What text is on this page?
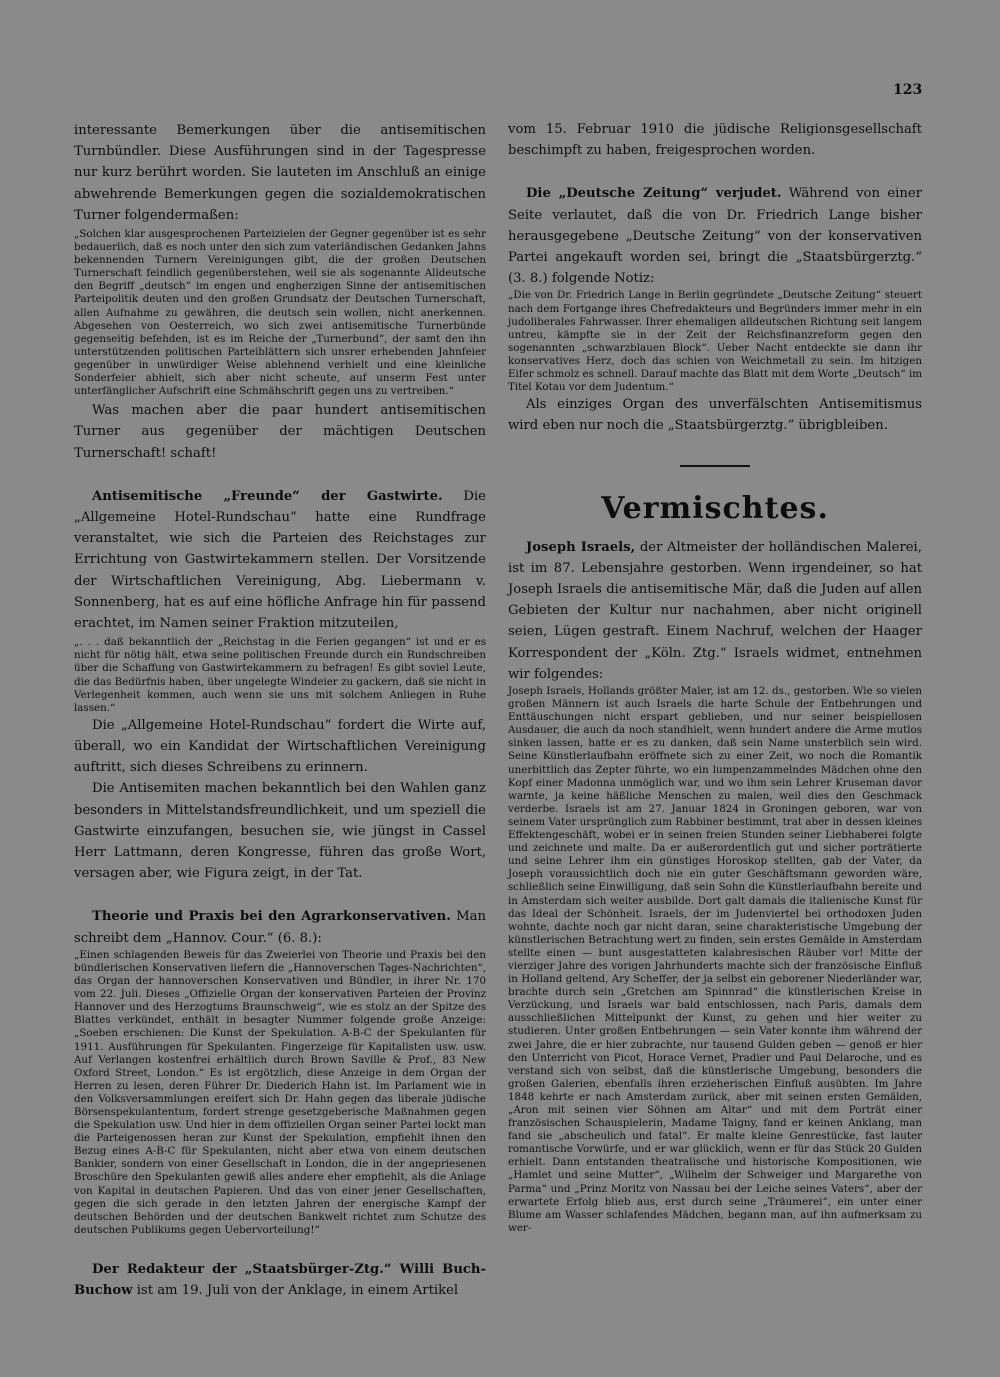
123

interessante Bemerkungen über die antisemitischen Turnbündler. Diese Ausführungen sind in der Tagespresse nur kurz berührt worden. Sie lauteten im Anschluß an einige abwehrende Bemerkungen gegen die sozialdemokratischen Turner folgendermaßen:

„Solchen klar ausgesprochenen Parteizielen der Gegner gegenüber ist es sehr bedauerlich, daß es noch unter den sich zum vaterländischen Gedanken Jahns bekennenden Turnern Vereinigungen gibt, die der großen Deutschen Turnerschaft feindlich gegenüberstehen, weil sie als sogenannte Alldeutsche den Begriff „deutsch“ im engen und engherzigen Sinne der antisemitischen Parteipolitik deuten und den großen Grundsatz der Deutschen Turnerschaft, allen Aufnahme zu gewähren, die deutsch sein wollen, nicht anerkennen. Abgesehen von Oesterreich, wo sich zwei antisemitische Turnerbünde gegenseitig befehden, ist es im Reiche der „Turnerbund“, der samt den ihn unterstützenden politischen Parteiblättern sich unsrer erhebenden Jahnfeier gegenüber in unwürdiger Weise ablehnend verhielt und eine kleinliche Sonderfeier abhielt, sich aber nicht scheute, auf unserm Fest unter unterfänglicher Aufschrift eine Schmähschrift gegen uns zu vertreiben.“

Was machen aber die paar hundert antisemitischen Turner aus gegenüber der mächtigen Deutschen Turnerschaft! schaft!

Antisemitische „Freunde“ der Gastwirte. Die „Allgemeine Hotel-Rundschau“ hatte eine Rundfrage veranstaltet, wie sich die Parteien des Reichstages zur Errichtung von Gastwirtekammern stellen. Der Vorsitzende der Wirtschaftlichen Vereinigung, Abg. Liebermann v. Sonnenberg, hat es auf eine höfliche Anfrage hin für passend erachtet, im Namen seiner Fraktion mitzuteilen,

„. . . daß bekanntlich der „Reichstag in die Ferien gegangen“ ist und er es nicht für nötig hält, etwa seine politischen Freunde durch ein Rundschreiben über die Schaffung von Gastwirtekammern zu befragen! Es gibt soviel Leute, die das Bedürfnis haben, über ungelegte Windeier zu gackern, daß sie nicht in Verlegenheit kommen, auch wenn sie uns mit solchem Anliegen in Ruhe lassen.“

Die „Allgemeine Hotel-Rundschau“ fordert die Wirte auf, überall, wo ein Kandidat der Wirtschaftlichen Vereinigung auftritt, sich dieses Schreibens zu erinnern.

Die Antisemiten machen bekanntlich bei den Wahlen ganz besonders in Mittelstandsfreundlichkeit, und um speziell die Gastwirte einzufangen, besuchen sie, wie jüngst in Cassel Herr Lattmann, deren Kongresse, führen das große Wort, versagen aber, wie Figura zeigt, in der Tat.

Theorie und Praxis bei den Agrarkonservativen. Man schreibt dem „Hannov. Cour.“ (6. 8.):

„Einen schlagenden Beweis für das Zweierlei von Theorie und Praxis bei den bündlerischen Konservativen liefern die „Hannoverschen Tages-Nachrichten“, das Organ der hannoverschen Konservativen und Bündler, in ihrer Nr. 170 vom 22. Juli. Dieses „Offizielle Organ der konservativen Parteien der Provinz Hannover und des Herzogtums Braunschweig“, wie es stolz an der Spitze des Blattes verkündet, enthält in besagter Nummer folgende große Anzeige: „Soeben erschienen: Die Kunst der Spekulation. A-B-C der Spekulanten für 1911. Ausführungen für Spekulanten. Fingerzeige für Kapitalisten usw. usw. Auf Verlangen kostenfrei erhältlich durch Brown Saville & Prof., 83 New Oxford Street, London.“ Es ist ergötzlich, diese Anzeige in dem Organ der Herren zu lesen, deren Führer Dr. Diederich Hahn ist. Im Parlament wie in den Volksversammlungen ereifert sich Dr. Hahn gegen das liberale jüdische Börsenspekulantentum, fordert strenge gesetzgeberische Maßnahmen gegen die Spekulation usw. Und hier in dem offiziellen Organ seiner Partei lockt man die Parteigenossen heran zur Kunst der Spekulation, empfiehlt ihnen den Bezug eines A-B-C für Spekulanten, nicht aber etwa von einem deutschen Bankier, sondern von einer Gesellschaft in London, die in der angepriesenen Broschüre den Spekulanten gewiß alles andere eher empfiehlt, als die Anlage von Kapital in deutschen Papieren. Und das von einer jener Gesellschaften, gegen die sich gerade in den letzten Jahren der energische Kampf der deutschen Behörden und der deutschen Bankwelt richtet zum Schutze des deutschen Publikums gegen Uebervorteilung!“

Der Redakteur der „Staatsbürger-Ztg.“ Willi Buch-Buchow ist am 19. Juli von der Anklage, in einem Artikel

vom 15. Februar 1910 die jüdische Religionsgesellschaft beschimpft zu haben, freigesprochen worden.

Die „Deutsche Zeitung“ verjudet. Während von einer Seite verlautet, daß die von Dr. Friedrich Lange bisher herausgegebene „Deutsche Zeitung“ von der konservativen Partei angekauft worden sei, bringt die „Staatsbürgerztg.“ (3. 8.) folgende Notiz:

„Die von Dr. Friedrich Lange in Berlin gegründete „Deutsche Zeitung“ steuert nach dem Fortgange ihres Chefredakteurs und Begründers immer mehr in ein judoliberales Fahrwasser. Ihrer ehemaligen alldeutschen Richtung seit langem untreu, kämpfte sie in der Zeit der Reichsfinanzreform gegen den sogenannten „schwarzblauen Block“. Ueber Nacht entdeckte sie dann ihr konservatives Herz, doch das schien von Weichmetall zu sein. Im hitzigen Eifer schmolz es schnell. Darauf machte das Blatt mit dem Worte „Deutsch“ im Titel Kotau vor dem Judentum.“

Als einziges Organ des unverfälschten Antisemitismus wird eben nur noch die „Staatsbürgerztg.“ übrigbleiben.

Vermischtes.

Joseph Israels, der Altmeister der holländischen Malerei, ist im 87. Lebensjahre gestorben. Wenn irgendeiner, so hat Joseph Israels die antisemitische Mär, daß die Juden auf allen Gebieten der Kultur nur nachahmen, aber nicht originell seien, Lügen gestraft. Einem Nachruf, welchen der Haager Korrespondent der „Köln. Ztg.“ Israels widmet, entnehmen wir folgendes:

Joseph Israels, Hollands größter Maler, ist am 12. ds., gestorben. Wie so vielen großen Männern ist auch Israels die harte Schule der Entbehrungen und Enttäuschungen nicht erspart geblieben, und nur seiner beispiellosen Ausdauer, die auch da noch standhielt, wenn hundert andere die Arme mutlos sinken lassen, hatte er es zu danken, daß sein Name unsterblich sein wird. Seine Künstlerlaufbahn eröffnete sich zu einer Zeit, wo noch die Romantik unerbittlich das Zepter führte, wo ein lumpenzammelndes Mädchen ohne den Kopf einer Madonna unmöglich war, und wo ihm sein Lehrer Kruseman davor warnte, ja keine häßliche Menschen zu malen, weil dies den Geschmack verderbe. Israels ist am 27. Januar 1824 in Groningen geboren, war von seinem Vater ursprünglich zum Rabbiner bestimmt, trat aber in dessen kleines Effektengeschäft, wobei er in seinen freien Stunden seiner Liebhaberei folgte und zeichnete und malte. Da er außerordentlich gut und sicher porträtierte und seine Lehrer ihm ein günstiges Horoskop stellten, gab der Vater, da Joseph voraussichtlich doch nie ein guter Geschäftsmann geworden wäre, schließlich seine Einwilligung, daß sein Sohn die Künstlerlaufbahn bereite und in Amsterdam sich weiter ausbilde. Dort galt damals die italienische Kunst für das Ideal der Schönheit. Israels, der im Judenviertel bei orthodoxen Juden wohnte, dachte noch gar nicht daran, seine charakteristische Umgebung der künstlerischen Betrachtung wert zu finden, sein erstes Gemälde in Amsterdam stellte einen — bunt ausgestatteten kalabresischen Räuber vor! Mitte der vierziger Jahre des vorigen Jahrhunderts machte sich der französische Einfluß in Holland geltend, Ary Scheffer, der ja selbst ein geborener Niederländer war, brachte durch sein „Gretchen am Spinnrad“ die künstlerischen Kreise in Verzückung, und Israels war bald entschlossen, nach Paris, damals dem ausschließlichen Mittelpunkt der Kunst, zu gehen und hier weiter zu studieren. Unter großen Entbehrungen — sein Vater konnte ihm während der zwei Jahre, die er hier zubrachte, nur tausend Gulden geben — genoß er hier den Unterricht von Picot, Horace Vernet, Pradier und Paul Delaroche, und es verstand sich von selbst, daß die künstlerische Umgebung, besonders die großen Galerien, ebenfalls ihren erzieherischen Einfluß ausübten. Im Jahre 1848 kehrte er nach Amsterdam zurück, aber mit seinen ersten Gemälden, „Aron mit seinen vier Söhnen am Altar“ und mit dem Porträt einer französischen Schauspielerin, Madame Taigny, fand er keinen Anklang, man fand sie „abscheulich und fatal“. Er malte kleine Genrestücke, fast lauter romantische Vorwürfe, und er war glücklich, wenn er für das Stück 20 Gulden erhielt. Dann entstanden theatralische und historische Kompositionen, wie „Hamlet und seine Mutter“, „Wilhelm der Schweiger und Margarethe von Parma“ und „Prinz Moritz von Nassau bei der Leiche seines Vaters“, aber der erwartete Erfolg blieb aus, erst durch seine „Träumerei“, ein unter einer Blume am Wasser schlafendes Mädchen, begann man, auf ihn aufmerksam zu wer-
